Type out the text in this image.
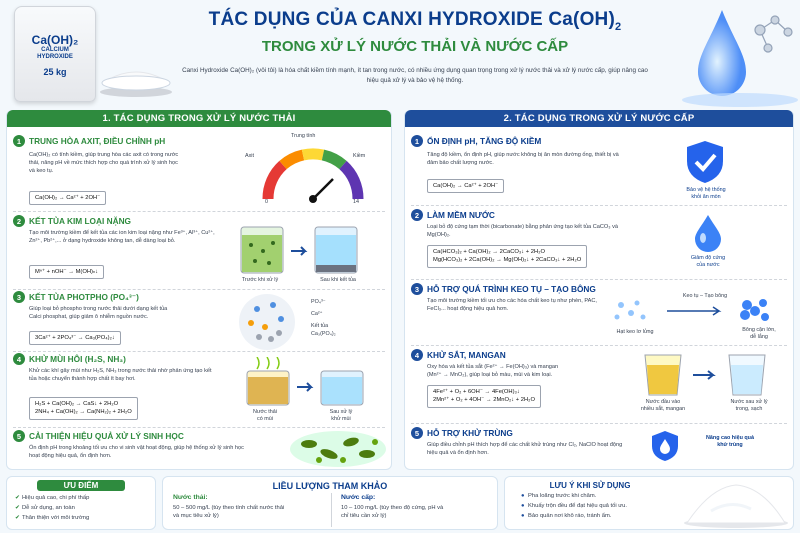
Ca(OH)₂
CALCIUM
HYDROXIDE
25 kg
TÁC DỤNG CỦA CANXI HYDROXIDE $Ca(OH)_2$
TRONG XỬ LÝ NƯỚC THẢI VÀ NƯỚC CẤP
Canxi Hydroxide Ca(OH)₂ (vôi tôi) là hóa chất kiềm tính mạnh, ít tan trong nước, có nhiều ứng dụng quan trọng trong xử lý nước thải và xử lý nước cấp, giúp nâng cao hiệu quả xử lý và bảo vệ hệ thống.
1. TÁC DỤNG TRONG XỬ LÝ NƯỚC THẢI
1 TRUNG HÒA AXIT, ĐIỀU CHỈNH pH
Ca(OH)₂ có tính kiềm, giúp trung hòa các axit có trong nước thải, nâng pH về mức thích hợp cho quá trình xử lý sinh học và keo tụ.
Ca(OH)₂ → Ca²⁺ + 2OH⁻
Trung tính
Axit	Kiềm
0	14
2 KẾT TỦA KIM LOẠI NẶNG
Tạo môi trường kiềm để kết tủa các ion kim loại nặng như Fe³⁺, Al³⁺, Cu²⁺, Zn²⁺, Pb²⁺,... ở dạng hydroxide không tan, dễ dàng loại bỏ.
Mⁿ⁺ + nOH⁻ → M(OH)ₙ↓
Trước khi xử lý	Sau khi kết tủa
3 KẾT TỦA PHOTPHO (PO₄³⁻)
Giúp loại bỏ phospho trong nước thải dưới dạng kết tủa Calci phosphat, giúp giảm ô nhiễm nguồn nước.
3Ca²⁺ + 2PO₄³⁻ → Ca₃(PO₄)₂↓
PO₄³⁻
Ca²⁺
Kết tủa
Ca₃(PO₄)₂
4 KHỬ MÙI HÔI (H₂S, NH₃)
Khử các khí gây mùi như H₂S, NH₃ trong nước thải nhờ phản ứng tạo kết tủa hoặc chuyển thành hợp chất ít bay hơi.
H₂S + Ca(OH)₂ → CaS↓ + 2H₂O
2NH₄ + Ca(OH)₂ → Ca(NH₂)₂ + 2H₂O	Nước thải
có mùi
Sau xử lý
khử mùi
5 CẢI THIỆN HIỆU QUẢ XỬ LÝ SINH HỌC
Ổn định pH trong khoảng tối ưu cho vi sinh vật hoạt động, giúp hệ thống xử lý sinh học hoạt động hiệu quả, ổn định hơn.
2. TÁC DỤNG TRONG XỬ LÝ NƯỚC CẤP
1 ỔN ĐỊNH pH, TĂNG ĐỘ KIỀM
Tăng độ kiềm, ổn định pH, giúp nước không bị ăn mòn đường ống, thiết bị và đảm bảo chất lượng nước.
Ca(OH)₂ → Ca²⁺ + 2OH⁻
Bảo vệ hệ thống
khỏi ăn mòn
2 LÀM MỀM NƯỚC
Loại bỏ độ cứng tạm thời (bicarbonate) bằng phản ứng tạo kết tủa CaCO₃ và Mg(OH)₂.
Ca(HCO₃)₂ + Ca(OH)₂ → 2CaCO₃↓ + 2H₂O
Mg(HCO₃)₂ + 2Ca(OH)₂ → Mg(OH)₂↓ + 2CaCO₃↓ + 2H₂O	Giảm độ cứng
của nước
3 HỖ TRỢ QUÁ TRÌNH KEO TỤ – TẠO BÔNG
Tạo môi trường kiềm tối ưu cho các hóa chất keo tụ như phèn, PAC, FeCl₃... hoạt động hiệu quả hơn.
Keo tụ – Tạo bông
Hạt keo lơ lửng	Bông cặn lớn,
dễ lắng
4 KHỬ SẮT, MANGAN
Oxy hóa và kết tủa sắt (Fe²⁺ → Fe(OH)₃) và mangan
(Mn²⁺ → MnO₂), giúp loại bỏ màu, mùi và kim loại.
4Fe²⁺ + O₂ + 6OH⁻ → 4Fe(OH)₃↓
2Mn²⁺ + O₂ + 4OH⁻ → 2MnO₂↓ + 2H₂O	Nước đầu vào
nhiều sắt, mangan
Nước sau xử lý
trong, sạch
5 HỖ TRỢ KHỬ TRÙNG
Giúp điều chỉnh pH thích hợp để các chất khử trùng như Cl₂, NaClO hoạt động hiệu quả và ổn định hơn.
Nâng cao hiệu quả
khử trùng
ƯU ĐIỂM
✔ Hiệu quả cao, chi phí thấp
✔ Dễ sử dụng, an toàn
✔ Thân thiện với môi trường
LIỀU LƯỢNG THAM KHẢO
Nước thải:
50 – 500 mg/L (tùy theo tính chất nước thải
và mục tiêu xử lý)
Nước cấp:
10 – 100 mg/L (tùy theo độ cứng, pH và
chỉ tiêu cần xử lý)
LƯU Ý KHI SỬ DỤNG
● Pha loãng trước khi châm.
● Khuấy trộn đều để đạt hiệu quả tối ưu.
● Bảo quản nơi khô ráo, tránh ẩm.
